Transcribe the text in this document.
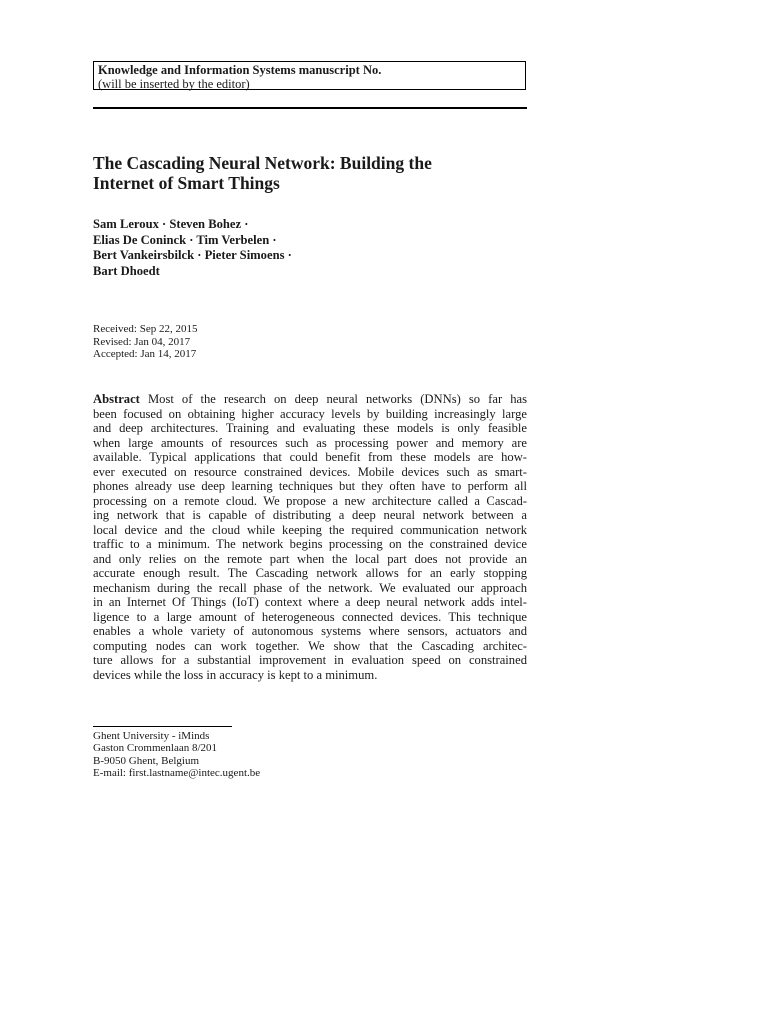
Knowledge and Information Systems manuscript No.
(will be inserted by the editor)
The Cascading Neural Network: Building the
Internet of Smart Things
Sam Leroux · Steven Bohez ·
Elias De Coninck · Tim Verbelen ·
Bert Vankeirsbilck · Pieter Simoens ·
Bart Dhoedt
Received: Sep 22, 2015
Revised: Jan 04, 2017
Accepted: Jan 14, 2017
Abstract Most of the research on deep neural networks (DNNs) so far has
been focused on obtaining higher accuracy levels by building increasingly large
and deep architectures. Training and evaluating these models is only feasible
when large amounts of resources such as processing power and memory are
available. Typical applications that could benefit from these models are how-
ever executed on resource constrained devices. Mobile devices such as smart-
phones already use deep learning techniques but they often have to perform all
processing on a remote cloud. We propose a new architecture called a Cascad-
ing network that is capable of distributing a deep neural network between a
local device and the cloud while keeping the required communication network
traffic to a minimum. The network begins processing on the constrained device
and only relies on the remote part when the local part does not provide an
accurate enough result. The Cascading network allows for an early stopping
mechanism during the recall phase of the network. We evaluated our approach
in an Internet Of Things (IoT) context where a deep neural network adds intel-
ligence to a large amount of heterogeneous connected devices. This technique
enables a whole variety of autonomous systems where sensors, actuators and
computing nodes can work together. We show that the Cascading architec-
ture allows for a substantial improvement in evaluation speed on constrained
devices while the loss in accuracy is kept to a minimum.
Ghent University - iMinds
Gaston Crommenlaan 8/201
B-9050 Ghent, Belgium
E-mail: first.lastname@intec.ugent.be
